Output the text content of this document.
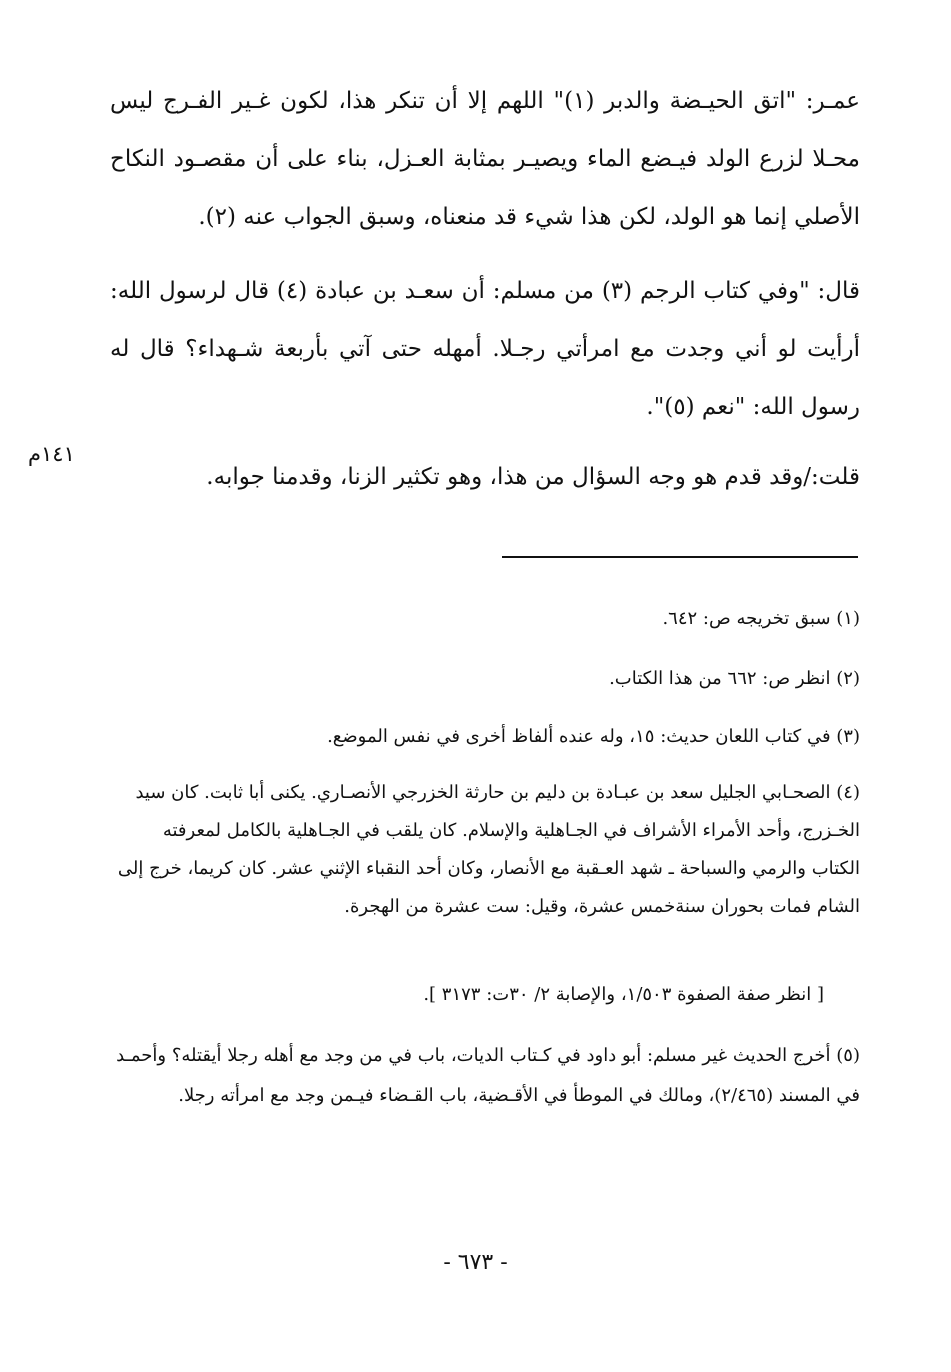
عمـر: "اتق الحيـضة والدبر (١)" اللهم إلا أن تنكر هذا، لكون غـير الفـرج ليس محـلا لزرع الولد فيـضع الماء ويصيـر بمثابة العـزل، بناء على أن مقصـود النكاح الأصلي إنما هو الولد، لكن هذا شيء قد منعناه، وسبق الجواب عنه (٢).

قال: "وفي كتاب الرجم (٣) من مسلم: أن سعـد بن عبادة (٤) قال لرسول الله: أرأيت لو أني وجدت مع امرأتي رجـلا. أمهله حتى آتي بأربعة شـهداء؟ قال له رسول الله: "نعم (٥)".

قلت:/وقد قدم هو وجه السؤال من هذا، وهو تكثير الزنا، وقدمنا جوابه.

١٤١م

(١) سبق تخريجه ص: ٦٤٢.

(٢) انظر ص: ٦٦٢ من هذا الكتاب.

(٣) في كتاب اللعان حديث: ١٥، وله عنده ألفاظ أخرى في نفس الموضع.

(٤) الصحـابي الجليل سعد بن عبـادة بن دليم بن حارثة الخزرجي الأنصـاري. يكنى أبا ثابت. كان سيد الخـزرج، وأحد الأمراء الأشراف في الجـاهلية والإسلام. كان يلقب في الجـاهلية بالكامل لمعرفته الكتاب والرمي والسباحة ـ شهد العـقبة مع الأنصار، وكان أحد النقباء الإثني عشر. كان كريما، خرج إلى الشام فمات بحوران سنةخمس عشرة، وقيل: ست عشرة من الهجرة.

[ انظر صفة الصفوة ١/٥٠٣، والإصابة ٢/ ٣٠ت: ٣١٧٣ ].

(٥) أخرج الحديث غير مسلم: أبو داود في كـتاب الديات، باب في من وجد مع أهله رجلا أيقتله؟ وأحمـد في المسند (٢/٤٦٥)، ومالك في الموطأ في الأقـضية، باب القـضاء فيـمن وجد مع امرأته رجلا.

- ٦٧٣ -
